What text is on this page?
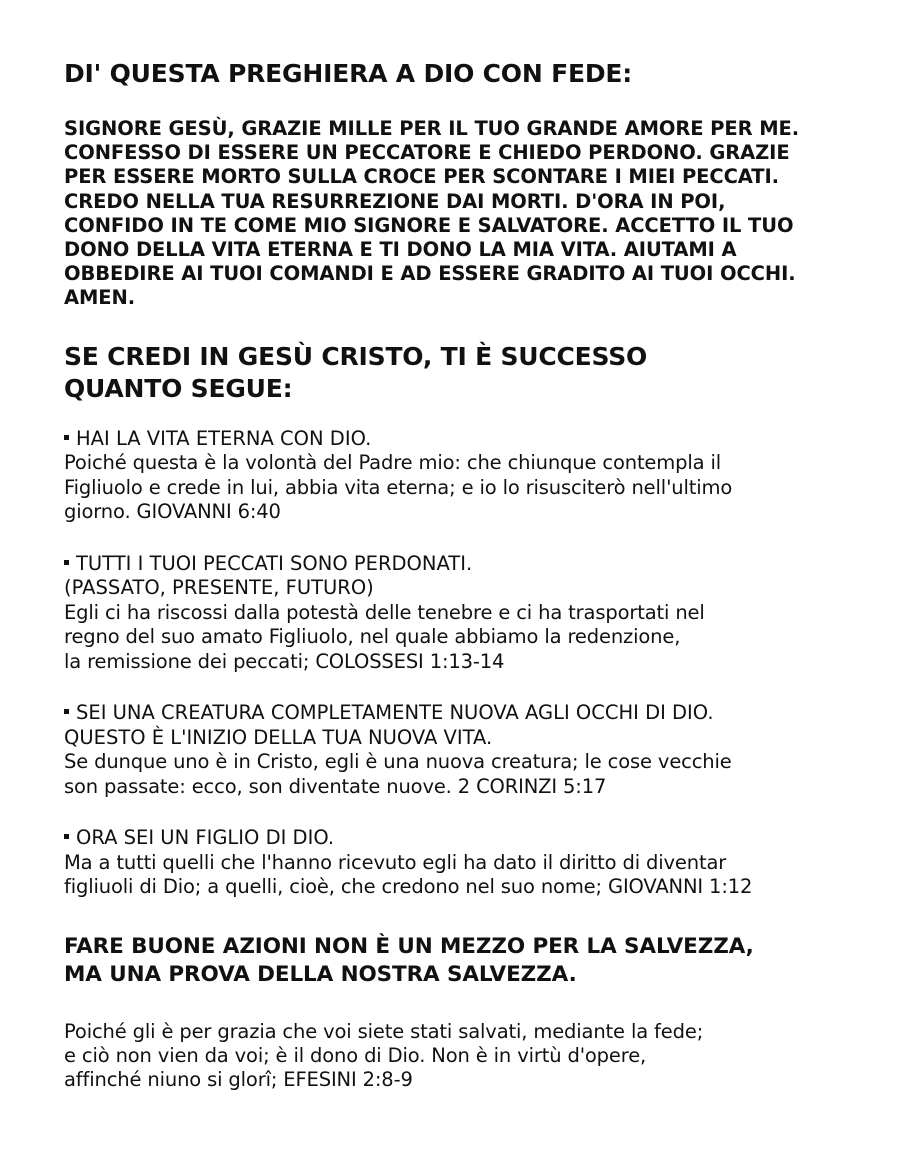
DI' QUESTA PREGHIERA A DIO CON FEDE:

SIGNORE GESÙ, GRAZIE MILLE PER IL TUO GRANDE AMORE PER ME.
CONFESSO DI ESSERE UN PECCATORE E CHIEDO PERDONO. GRAZIE
PER ESSERE MORTO SULLA CROCE PER SCONTARE I MIEI PECCATI.
CREDO NELLA TUA RESURREZIONE DAI MORTI. D'ORA IN POI,
CONFIDO IN TE COME MIO SIGNORE E SALVATORE. ACCETTO IL TUO
DONO DELLA VITA ETERNA E TI DONO LA MIA VITA. AIUTAMI A
OBBEDIRE AI TUOI COMANDI E AD ESSERE GRADITO AI TUOI OCCHI.
AMEN.

SE CREDI IN GESÙ CRISTO, TI È SUCCESSO
QUANTO SEGUE:

HAI LA VITA ETERNA CON DIO.

Poiché questa è la volontà del Padre mio: che chiunque contempla il
Figliuolo e crede in lui, abbia vita eterna; e io lo risusciterò nell'ultimo
giorno. GIOVANNI 6:40

TUTTI I TUOI PECCATI SONO PERDONATI.
(PASSATO, PRESENTE, FUTURO)

Egli ci ha riscossi dalla potestà delle tenebre e ci ha trasportati nel
regno del suo amato Figliuolo, nel quale abbiamo la redenzione,
la remissione dei peccati; COLOSSESI 1:13-14

SEI UNA CREATURA COMPLETAMENTE NUOVA AGLI OCCHI DI DIO.
QUESTO È L'INIZIO DELLA TUA NUOVA VITA.

Se dunque uno è in Cristo, egli è una nuova creatura; le cose vecchie
son passate: ecco, son diventate nuove. 2 CORINZI 5:17

ORA SEI UN FIGLIO DI DIO.

Ma a tutti quelli che l'hanno ricevuto egli ha dato il diritto di diventar
figliuoli di Dio; a quelli, cioè, che credono nel suo nome; GIOVANNI 1:12

FARE BUONE AZIONI NON È UN MEZZO PER LA SALVEZZA,
MA UNA PROVA DELLA NOSTRA SALVEZZA.

Poiché gli è per grazia che voi siete stati salvati, mediante la fede;
e ciò non vien da voi; è il dono di Dio. Non è in virtù d'opere,
affinché niuno si glorî; EFESINI 2:8-9
